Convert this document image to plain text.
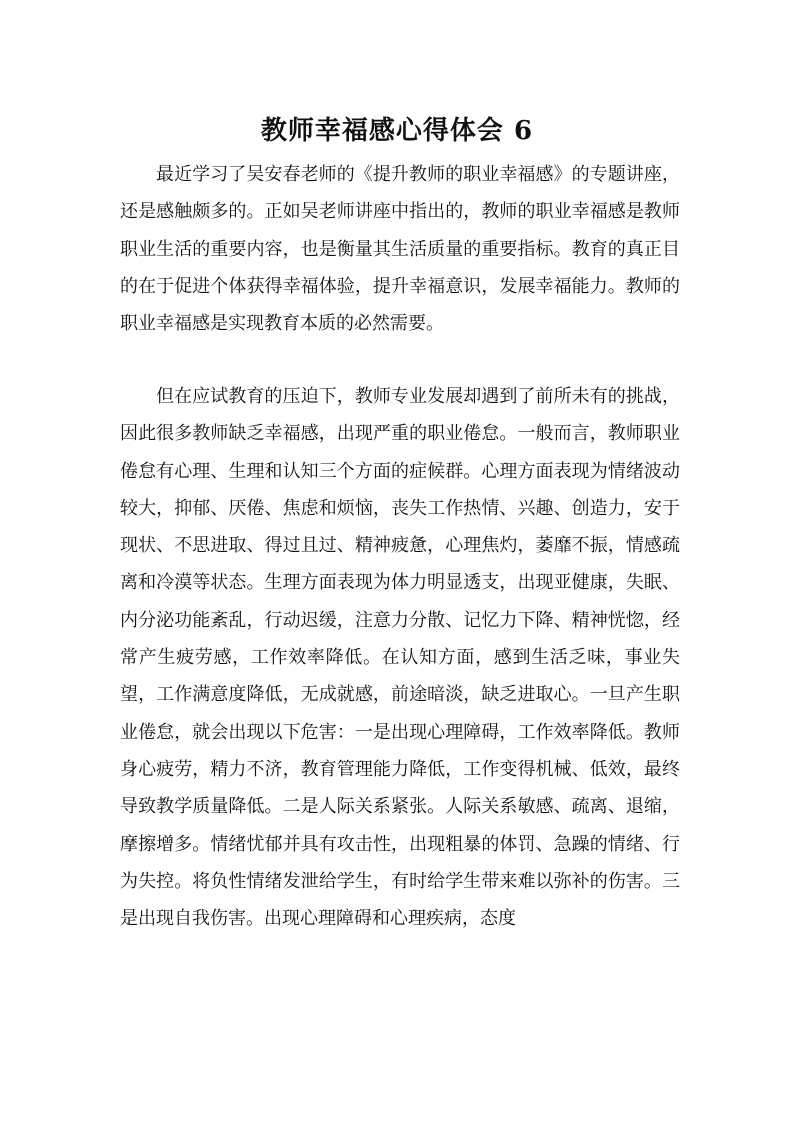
教师幸福感心得体会 6

最近学习了吴安春老师的《提升教师的职业幸福感》的专题讲座，还是感触颇多的。正如吴老师讲座中指出的，教师的职业幸福感是教师职业生活的重要内容，也是衡量其生活质量的重要指标。教育的真正目的在于促进个体获得幸福体验，提升幸福意识，发展幸福能力。教师的职业幸福感是实现教育本质的必然需要。

但在应试教育的压迫下，教师专业发展却遇到了前所未有的挑战，因此很多教师缺乏幸福感，出现严重的职业倦怠。一般而言，教师职业倦怠有心理、生理和认知三个方面的症候群。心理方面表现为情绪波动较大，抑郁、厌倦、焦虑和烦恼，丧失工作热情、兴趣、创造力，安于现状、不思进取、得过且过、精神疲惫，心理焦灼，萎靡不振，情感疏离和冷漠等状态。生理方面表现为体力明显透支，出现亚健康，失眠、内分泌功能紊乱，行动迟缓，注意力分散、记忆力下降、精神恍惚，经常产生疲劳感，工作效率降低。在认知方面，感到生活乏味，事业失望，工作满意度降低，无成就感，前途暗淡，缺乏进取心。一旦产生职业倦怠，就会出现以下危害：一是出现心理障碍，工作效率降低。教师身心疲劳，精力不济，教育管理能力降低，工作变得机械、低效，最终导致教学质量降低。二是人际关系紧张。人际关系敏感、疏离、退缩，摩擦增多。情绪忧郁并具有攻击性，出现粗暴的体罚、急躁的情绪、行为失控。将负性情绪发泄给学生，有时给学生带来难以弥补的伤害。三是出现自我伤害。出现心理障碍和心理疾病，态度
